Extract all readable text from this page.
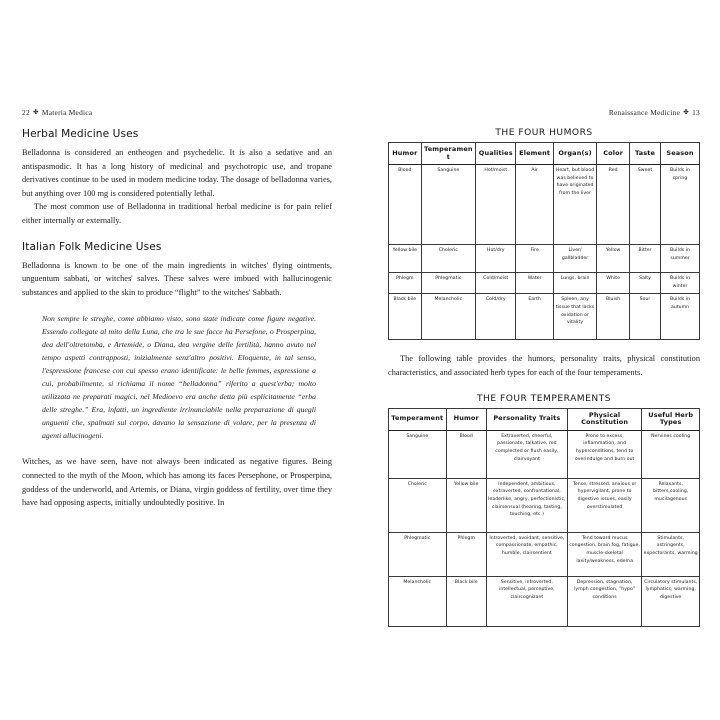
22 ✤ Materia Medica
Herbal Medicine Uses

Belladonna is considered an entheogen and psychedelic. It is also a sedative and an antispasmodic. It has a long history of medicinal and psychotropic use, and tropane derivatives continue to be used in modern medicine today. The dosage of belladonna varies, but anything over 100 mg is considered potentially lethal.

The most common use of Belladonna in traditional herbal medicine is for pain relief either internally or externally.

Italian Folk Medicine Uses

Belladonna is known to be one of the main ingredients in witches' flying ointments, unguentum sabbati, or witches' salves. These salves were imbued with hallucinogenic substances and applied to the skin to produce “flight” to the witches' Sabbath.

Non sempre le streghe, come abbiamo visto, sono state indicate come figure negative. Essendo collegate al mito della Luna, che tra le sue facce ha Persefone, o Prosperpina, dea dell'oltretomba, e Artemide, o Diana, dea vergine delle fertilità, hanno avuto nel tempo aspetti contrapposti, inizialmente senz'altro positivi. Eloquente, in tal senso, l'espressione francese con cui spesso erano identificate: le belle femmes, espressione a cui, probabilmente, si richiama il nome “belladonna” riferito a quest'erba; molto utilizzata ne preparati magici, nel Medioevo era anche detta più esplicitamente “erba delle streghe.” Era, infatti, un ingrediente irrinunciabile nella preparazione di quegli unguenti che, spalmati sul corpo, davano la sensazione di volare, per la presenza di agenti allucinogeni.

Witches, as we have seen, have not always been indicated as negative figures. Being connected to the myth of the Moon, which has among its faces Persephone, or Prosperpina, goddess of the underworld, and Artemis, or Diana, virgin goddess of fertility, over time they have had opposing aspects, initially undoubtedly positive. In

Renaissance Medicine ✤ 13
THE FOUR HUMORS
Humor	Temperament	Qualities	Element	Organ(s)	Color	Taste	Season
Blood	Sanguine	Hot/moist	Air	Heart, but blood was believed to have originated from the liver	Red	Sweet	Builds in spring
Yellow bile	Choleric	Hot/dry	Fire	Liver/ gallbladder	Yellow	Bitter	Builds in summer
Phlegm	Phlegmatic	Cold/moist	Water	Lungs, brain	White	Salty	Builds in winter
Black bile	Melancholic	Cold/dry	Earth	Spleen, any tissue that lacks oxidation or vitality	Bluish	Sour	Builds in autumn

The following table provides the humors, personality traits, physical constitution characteristics, and associated herb types for each of the four temperaments.

THE FOUR TEMPERAMENTS
Temperament	Humor	Personality Traits	Physical Constitution	Useful Herb Types
Sanguine	Blood	Extraverted, cheerful, passionate, talkative, red complected or flush easily, clairvoyant	Prone to excess, inflammation, and hyperconditions, tend to overindulge and burn out	Nervines cooling
Choleric	Yellow bile	Independent, ambitious, extraverted, confrontational, leaderlike, angry, perfectionistic, clairsensual (hearing, tasting, touching, etc.)	Tense, stressed, anxious or hypervigilant, prone to digestive issues, easily overstimulated	Relaxants, bitters,cooling, mucilagenous
Phlegmatic	Phlegm	Introverted, avoidant, sensitive, compassionate, empathic, humble, clairsentient	Tend toward mucus congestion, brain fog, fatigue, muscle-skeletal laxity/weakness, edema	Stimulants, astringents, expectorants, warming
Melancholic	Black bile	Sensitive, introverted, intellectual, perceptive, claircognizant	Depression, stagnation, lymph congestion, “hypo” conditions	Circulatory stimulants, lymphatics, warming, digestive
